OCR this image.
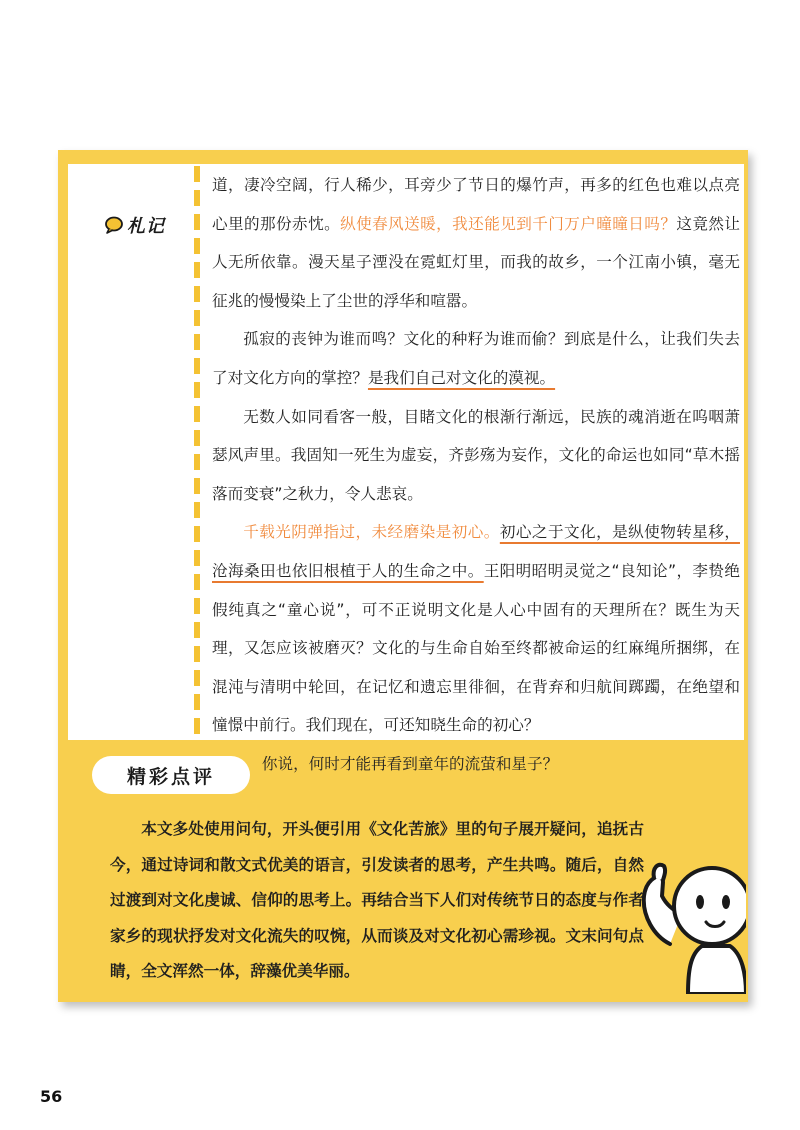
札记

道，凄冷空阔，行人稀少，耳旁少了节日的爆竹声，再多的红色也难以点亮心里的那份赤忱。纵使春风送暖，我还能见到千门万户曈曈日吗？这竟然让人无所依靠。漫天星子湮没在霓虹灯里，而我的故乡，一个江南小镇，毫无征兆的慢慢染上了尘世的浮华和喧嚣。

孤寂的丧钟为谁而鸣？文化的种籽为谁而偷？到底是什么，让我们失去了对文化方向的掌控？是我们自己对文化的漠视。

无数人如同看客一般，目睹文化的根渐行渐远，民族的魂消逝在呜咽萧瑟风声里。我固知一死生为虚妄，齐彭殇为妄作，文化的命运也如同“草木摇落而变衰”之秋力，令人悲哀。

千载光阴弹指过，未经磨染是初心。初心之于文化，是纵使物转星移，沧海桑田也依旧根植于人的生命之中。王阳明昭明灵觉之“良知论”，李贽绝假纯真之“童心说”，可不正说明文化是人心中固有的天理所在？既生为天理，又怎应该被磨灭？文化的与生命自始至终都被命运的红麻绳所捆绑，在混沌与清明中轮回，在记忆和遗忘里徘徊，在背弃和归航间踯躅，在绝望和憧憬中前行。我们现在，可还知晓生命的初心？

你说，何时才能再看到童年的流萤和星子？

精彩点评

本文多处使用问句，开头便引用《文化苦旅》里的句子展开疑问，追抚古今，通过诗词和散文式优美的语言，引发读者的思考，产生共鸣。随后，自然过渡到对文化虔诚、信仰的思考上。再结合当下人们对传统节日的态度与作者家乡的现状抒发对文化流失的叹惋，从而谈及对文化初心需珍视。文末问句点睛，全文浑然一体，辞藻优美华丽。

56
